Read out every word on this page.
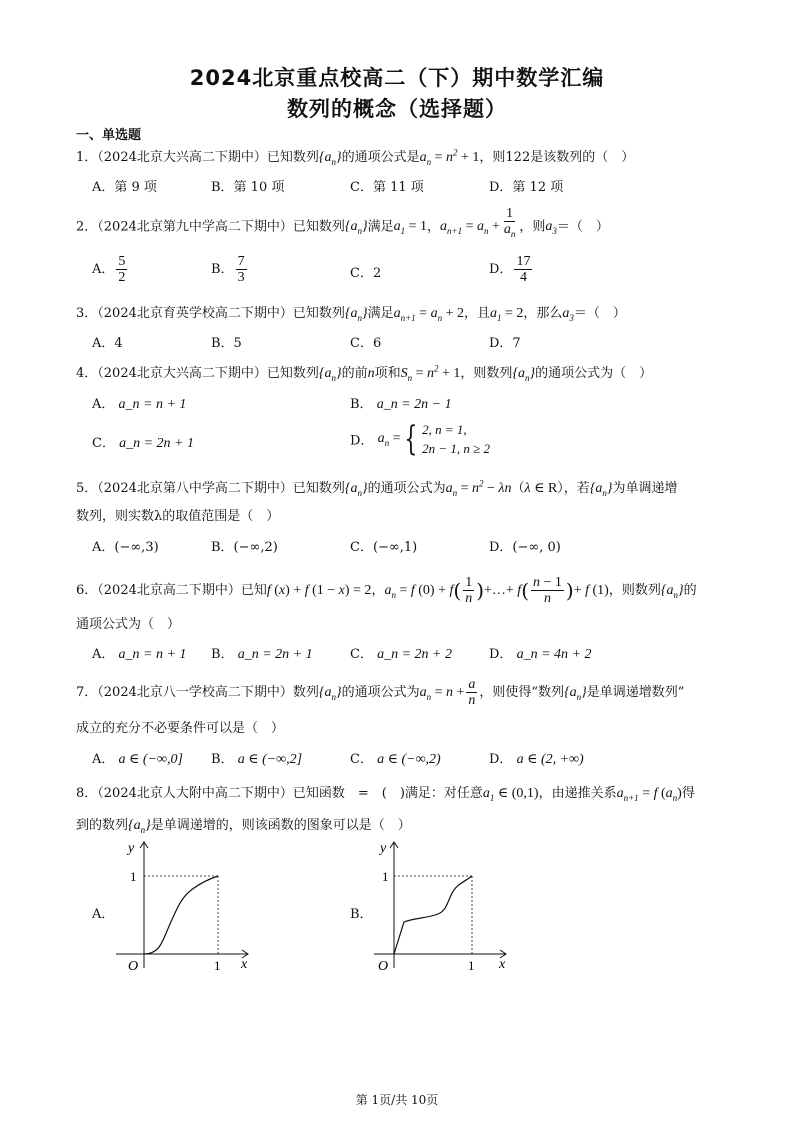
2024北京重点校高二（下）期中数学汇编
数列的概念（选择题）
一、单选题
1．（2024北京大兴高二下期中）已知数列$\{a_n\}$的通项公式是$a_n = n^2 + 1$，则122是该数列的（　）
A．第 9 项	B．第 10 项	C．第 11 项	D．第 12 项
2．（2024北京第九中学高二下期中）已知数列$\{a_n\}$满足$a_1 = 1$，$a_{n+1} = a_n + \frac{1}{a_n}$ ，则$a_3=$（　）
A． $\frac{5}{2}$	B． $\frac{7}{3}$	C．2	D． $\frac{17}{4}$
3．（2024北京育英学校高二下期中）已知数列$\{a_n\}$满足$a_{n+1} = a_n + 2$，且$a_1 = 2$，那么$a_3=$（　）
A．4	B．5	C．6	D．7
4．（2024北京大兴高二下期中）已知数列$\{a_n\}$的前n项和$S_n = n^2 + 1$，则数列$\{a_n\}$的通项公式为（　）
A． a_n = n + 1	B． a_n = 2n − 1
C． a_n = 2n + 1	D． $a_n$ = { 2, n = 1,
2n − 1, n ≥ 2
5．（2024北京第八中学高二下期中）已知数列$\{a_n\}$的通项公式为$a_n = n^2 - \lambda n(\lambda$ ∈ R），若$\{a_n\}$为单调递增
数列，则实数λ的取值范围是（　）
A．(−∞,3)	B．(−∞,2)	C．(−∞,1)	D．(−∞, 0)
6．（2024北京高二下期中）已知f (x) + f (1 − x) = 2，$a_n = f$ $(0) + f( \frac{1}{n}$ )+…+ $f( \frac{n - 1}{n}$ )+ f (1)，则数列$\{a_n\}$的
通项公式为（　）
A． a_n = n + 1 B． a_n = 2n + 1	C． a_n = 2n + 2	D． a_n = 4n + 2
7．（2024北京八一学校高二下期中）数列$\{a_n\}$的通项公式为$a_n = n + \frac{a}{n}$ ，则使得“数列$\{a_n\}$是单调递增数列”
成立的充分不必要条件可以是（　）
A． a ∈ (−∞,0] B． a ∈ (−∞,2]	C． a ∈ (−∞,2)	D． a ∈ (2, +∞)
8．（2024北京人大附中高二下期中）已知函数　=　(　)满足：对任意$a_1$ ∈ (0,1)，由递推关系$a_{n+1} = f$ $(a_n)$得
到的数列$\{a_n\}$是单调递增的，则该函数的图象可以是（　）
A．
y
x
O
1
1
B．
y
x
O
1
1
第 1页/共 10页
